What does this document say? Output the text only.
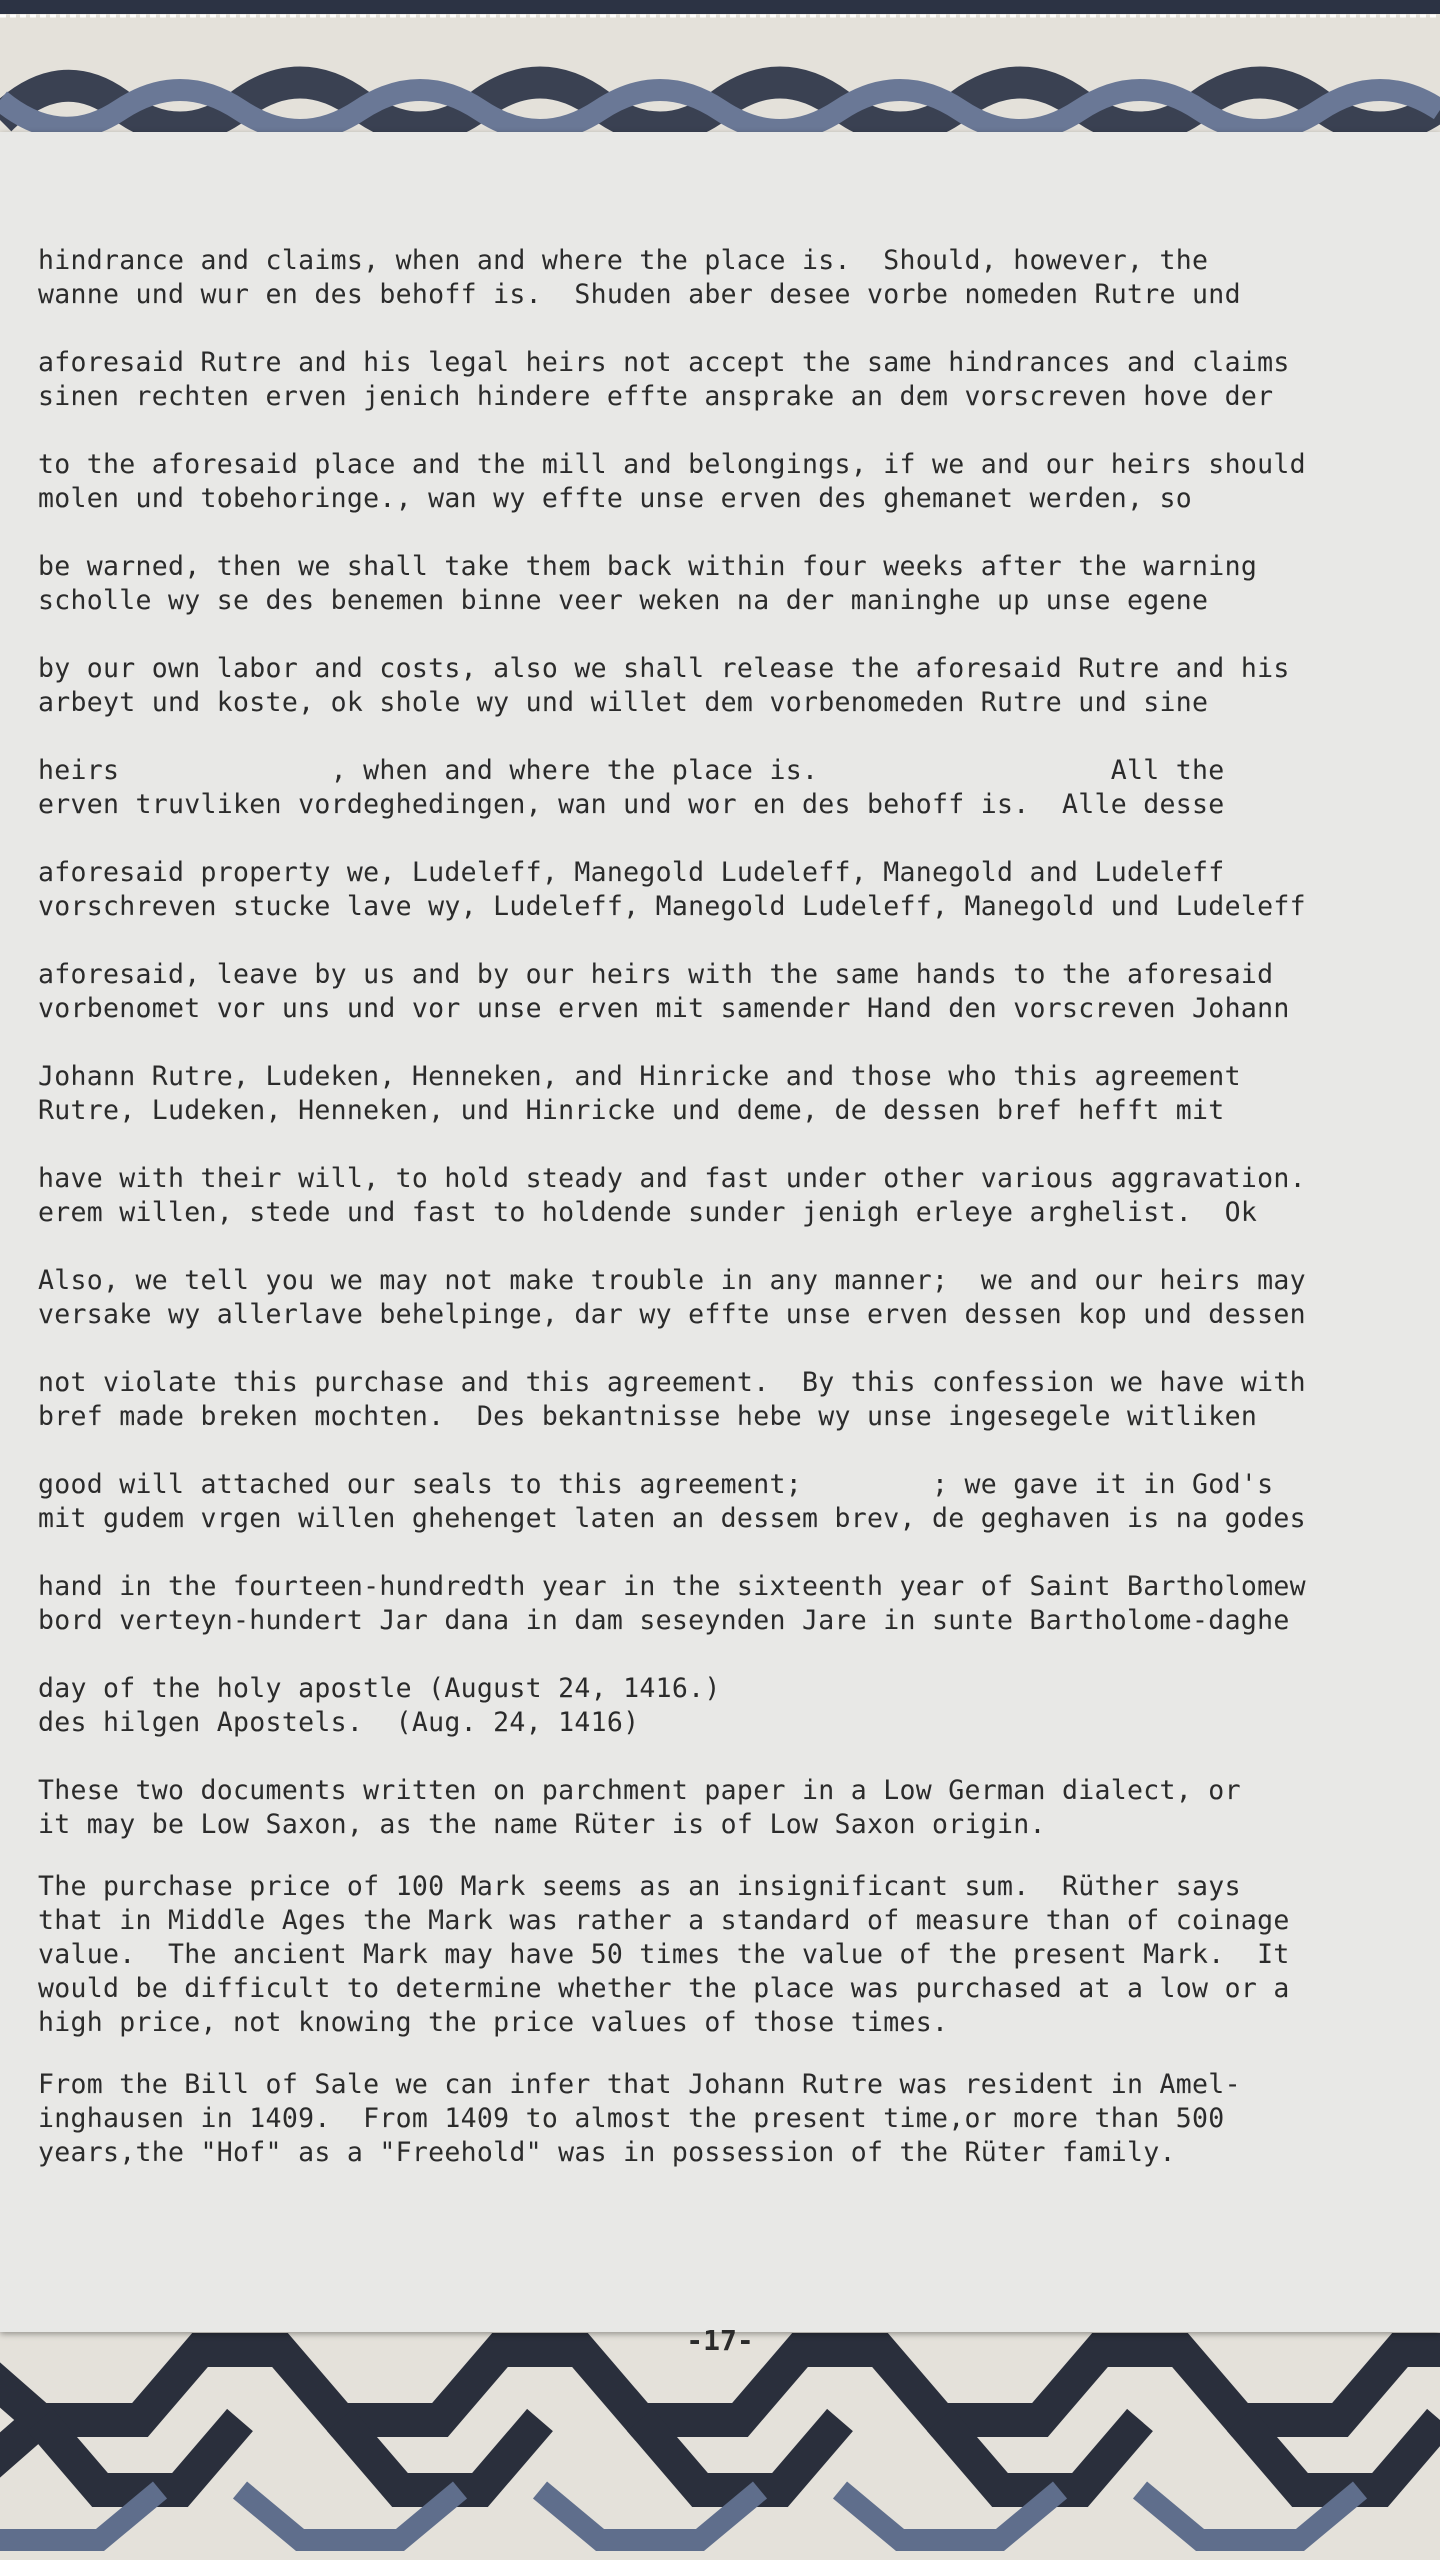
hindrance and claims, when and where the place is.  Should, however, the
wanne und wur en des behoff is.  Shuden aber desee vorbe nomeden Rutre und
aforesaid Rutre and his legal heirs not accept the same hindrances and claims
sinen rechten erven jenich hindere effte ansprake an dem vorscreven hove der
to the aforesaid place and the mill and belongings, if we and our heirs should
molen und tobehoringe., wan wy effte unse erven des ghemanet werden, so
be warned, then we shall take them back within four weeks after the warning
scholle wy se des benemen binne veer weken na der maninghe up unse egene
by our own labor and costs, also we shall release the aforesaid Rutre and his
arbeyt und koste, ok shole wy und willet dem vorbenomeden Rutre und sine
heirs             , when and where the place is.                  All the
erven truvliken vordeghedingen, wan und wor en des behoff is.  Alle desse
aforesaid property we, Ludeleff, Manegold Ludeleff, Manegold and Ludeleff
vorschreven stucke lave wy, Ludeleff, Manegold Ludeleff, Manegold und Ludeleff
aforesaid, leave by us and by our heirs with the same hands to the aforesaid
vorbenomet vor uns und vor unse erven mit samender Hand den vorscreven Johann
Johann Rutre, Ludeken, Henneken, and Hinricke and those who this agreement
Rutre, Ludeken, Henneken, und Hinricke und deme, de dessen bref hefft mit
have with their will, to hold steady and fast under other various aggravation.
erem willen, stede und fast to holdende sunder jenigh erleye arghelist.  Ok
Also, we tell you we may not make trouble in any manner;  we and our heirs may
versake wy allerlave behelpinge, dar wy effte unse erven dessen kop und dessen
not violate this purchase and this agreement.  By this confession we have with
bref made breken mochten.  Des bekantnisse hebe wy unse ingesegele witliken
good will attached our seals to this agreement;        ; we gave it in God's
mit gudem vrgen willen ghehenget laten an dessem brev, de geghaven is na godes
hand in the fourteen-hundredth year in the sixteenth year of Saint Bartholomew
bord verteyn-hundert Jar dana in dam seseynden Jare in sunte Bartholome-daghe
day of the holy apostle (August 24, 1416.)
des hilgen Apostels.  (Aug. 24, 1416)
These two documents written on parchment paper in a Low German dialect, or
it may be Low Saxon, as the name Rüter is of Low Saxon origin.
The purchase price of 100 Mark seems as an insignificant sum.  Rüther says
that in Middle Ages the Mark was rather a standard of measure than of coinage
value.  The ancient Mark may have 50 times the value of the present Mark.  It
would be difficult to determine whether the place was purchased at a low or a
high price, not knowing the price values of those times.
From the Bill of Sale we can infer that Johann Rutre was resident in Amel-
inghausen in 1409.  From 1409 to almost the present time,or more than 500
years,the "Hof" as a "Freehold" was in possession of the Rüter family.
-17-
